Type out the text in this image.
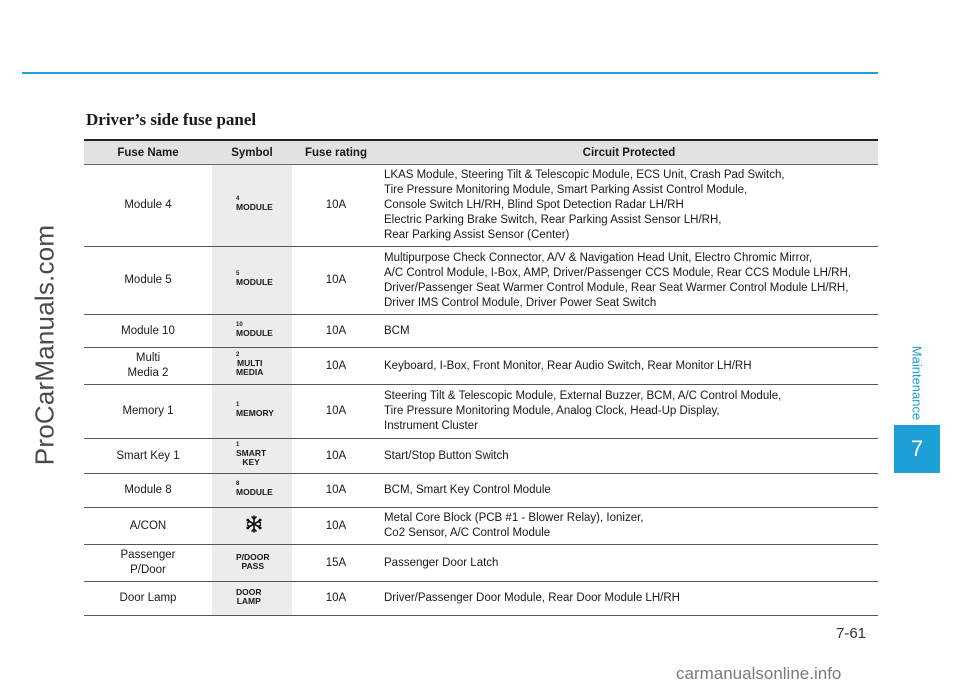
ProCarManuals.com
Driver’s side fuse panel
Maintenance
7
Fuse Name	Symbol	Fuse rating	Circuit Protected

Module 4	4
MODULE	10A	LKAS Module, Steering Tilt & Telescopic Module, ECS Unit, Crash Pad Switch,
Tire Pressure Monitoring Module, Smart Parking Assist Control Module,
Console Switch LH/RH, Blind Spot Detection Radar LH/RH
Electric Parking Brake Switch, Rear Parking Assist Sensor LH/RH,
Rear Parking Assist Sensor (Center)

Module 5	5
MODULE	10A	Multipurpose Check Connector, A/V & Navigation Head Unit, Electro Chromic Mirror,
A/C Control Module, I-Box, AMP, Driver/Passenger CCS Module, Rear CCS Module LH/RH,
Driver/Passenger Seat Warmer Control Module, Rear Seat Warmer Control Module LH/RH,
Driver IMS Control Module, Driver Power Seat Switch

Module 10	10
MODULE	10A	BCM

Multi
Media 2	2
MULTI
MEDIA	10A	Keyboard, I-Box, Front Monitor, Rear Audio Switch, Rear Monitor LH/RH

Memory 1	1
MEMORY	10A	Steering Tilt & Telescopic Module, External Buzzer, BCM, A/C Control Module,
Tire Pressure Monitoring Module, Analog Clock, Head-Up Display,
Instrument Cluster

Smart Key 1	1
SMART
KEY	10A	Start/Stop Button Switch

Module 8	8
MODULE	10A	BCM, Smart Key Control Module

A/CON		10A	Metal Core Block (PCB #1 - Blower Relay), Ionizer,
Co2 Sensor, A/C Control Module

Passenger
P/Door	P/DOOR
PASS	15A	Passenger Door Latch

Door Lamp	DOOR
LAMP	10A	Driver/Passenger Door Module, Rear Door Module LH/RH
7-61
carmanualsonline.info
